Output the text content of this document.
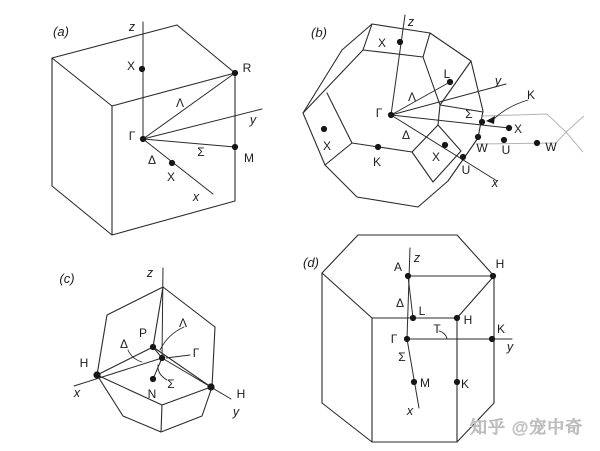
(a)	z
X	R
Γ
Λ
y
Σ	M
Δ
X
x
(b)
z
X
L	y
K
Γ
Λ
Σ
X
Δ
X
K	X
W U	W
U
x
(c)	z
P
Λ
Δ
Γ
H
x	N
Σ
H
y
(d)	z
A	H
Δ
L
H
K
T
Γ
y
Σ
M	K
x
知乎 @宠中奇
